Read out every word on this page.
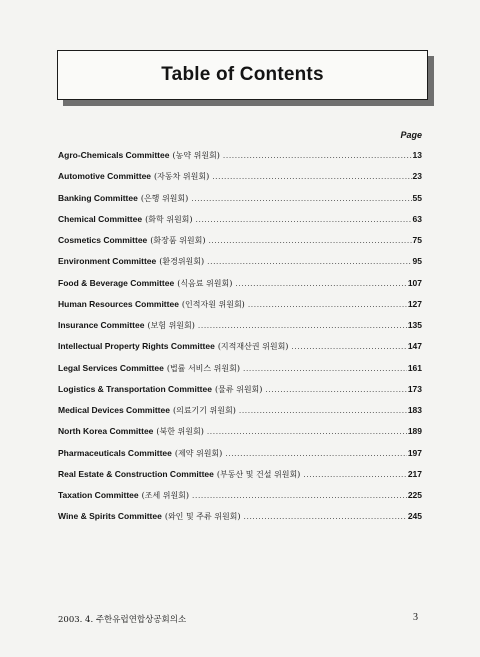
Table of Contents
Page
Agro-Chemicals Committee (농약 위원회) .....	13
Automotive Committee (자동차 위원회) .....	23
Banking Committee (은행 위원회) .....	55
Chemical Committee (화학 위원회) .....	63
Cosmetics Committee (화장품 위원회) .....	75
Environment Committee (환경위원회) .....	95
Food & Beverage Committee (식음료 위원회) .....	107
Human Resources Committee (인적자원 위원회) .....	127
Insurance Committee (보험 위원회) .....	135
Intellectual Property Rights Committee (지적재산권 위원회) .....	147
Legal Services Committee (법률 서비스 위원회) .....	161
Logistics & Transportation Committee (물류 위원회) .....	173
Medical Devices Committee (의료기기 위원회) .....	183
North Korea Committee (북한 위원회) .....	189
Pharmaceuticals Committee (제약 위원회) .....	197
Real Estate & Construction Committee (부동산 및 건설 위원회) .....	217
Taxation Committee (조세 위원회) .....	225
Wine & Spirits Committee (와인 및 주류 위원회) .....	245
2003. 4. 주한유럽연합상공회의소	3
